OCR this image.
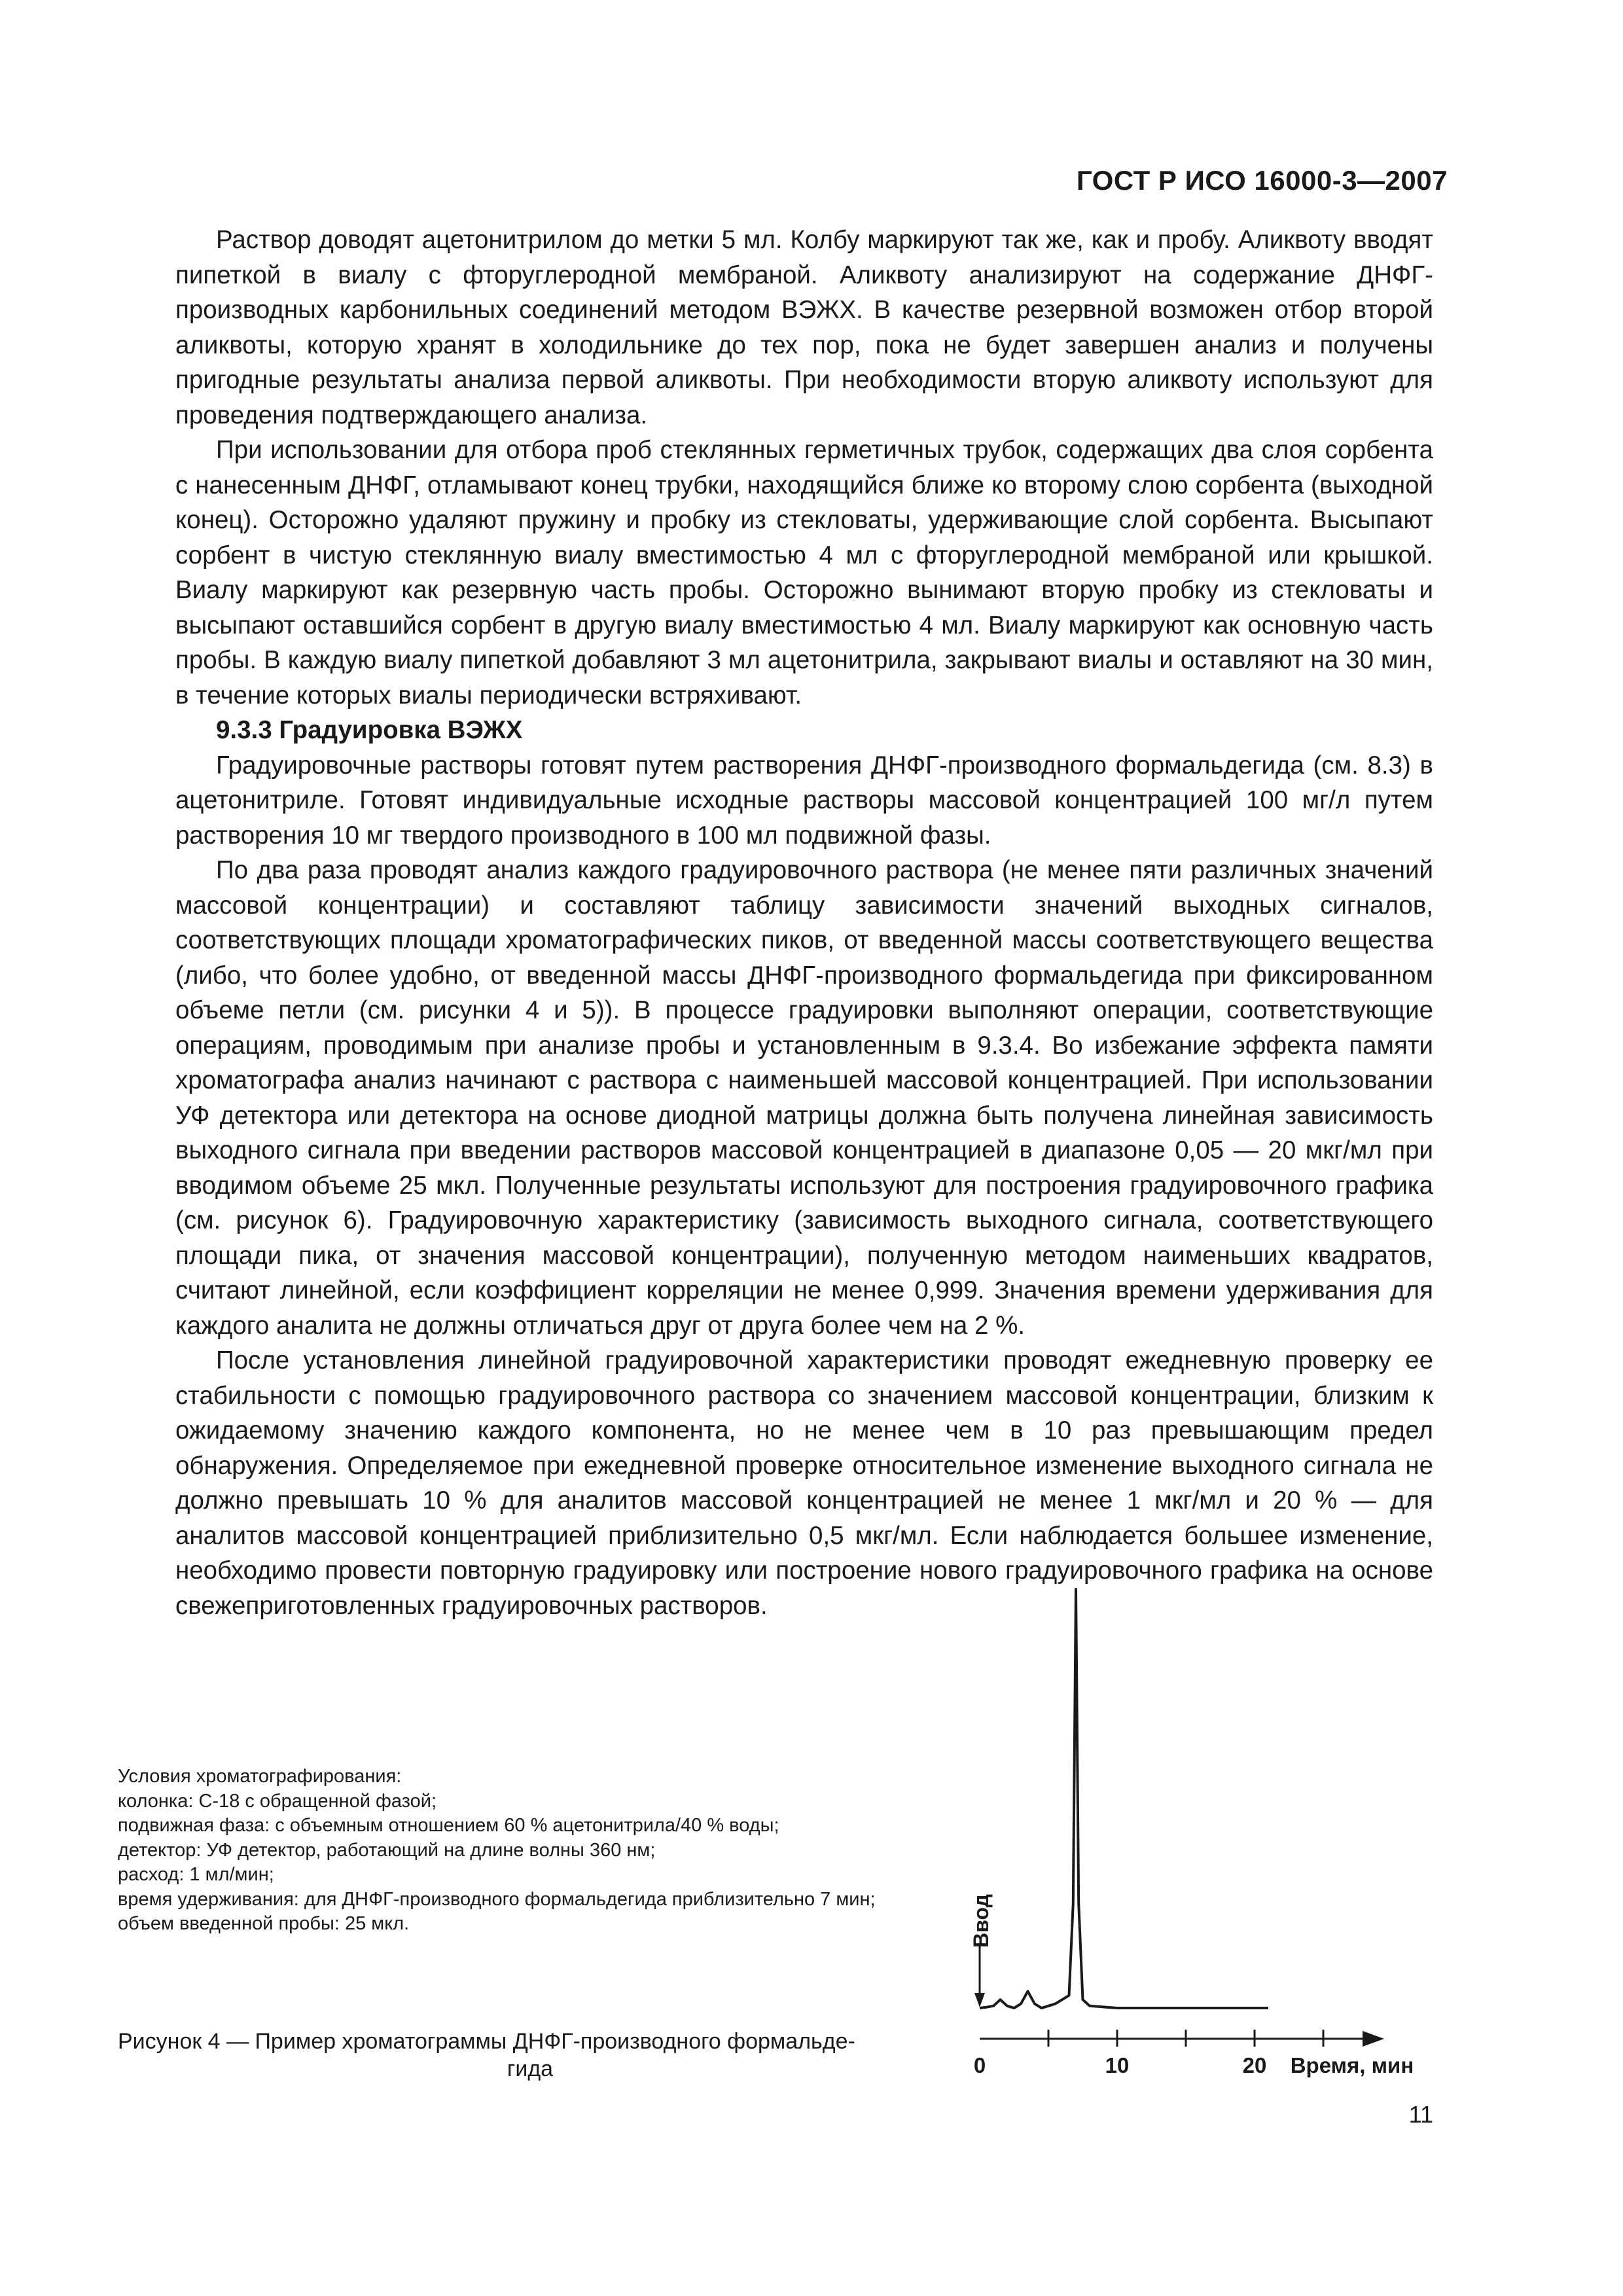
ГОСТ Р ИСО 16000-3—2007

Раствор доводят ацетонитрилом до метки 5 мл. Колбу маркируют так же, как и пробу. Аликвоту вводят пипеткой в виалу с фторуглеродной мембраной. Аликвоту анализируют на содержание ДНФГ-производных карбонильных соединений методом ВЭЖХ. В качестве резервной возможен отбор второй аликвоты, которую хранят в холодильнике до тех пор, пока не будет завершен анализ и получены пригодные результаты анализа первой аликвоты. При необходимости вторую аликвоту используют для проведения подтверждающего анализа.

При использовании для отбора проб стеклянных герметичных трубок, содержащих два слоя сорбента с нанесенным ДНФГ, отламывают конец трубки, находящийся ближе ко второму слою сорбента (выходной конец). Осторожно удаляют пружину и пробку из стекловаты, удерживающие слой сорбента. Высыпают сорбент в чистую стеклянную виалу вместимостью 4 мл с фторуглеродной мембраной или крышкой. Виалу маркируют как резервную часть пробы. Осторожно вынимают вторую пробку из стекловаты и высыпают оставшийся сорбент в другую виалу вместимостью 4 мл. Виалу маркируют как основную часть пробы. В каждую виалу пипеткой добавляют 3 мл ацетонитрила, закрывают виалы и оставляют на 30 мин, в течение которых виалы периодически встряхивают.

9.3.3 Градуировка ВЭЖХ

Градуировочные растворы готовят путем растворения ДНФГ-производного формальдегида (см. 8.3) в ацетонитриле. Готовят индивидуальные исходные растворы массовой концентрацией 100 мг/л путем растворения 10 мг твердого производного в 100 мл подвижной фазы.

По два раза проводят анализ каждого градуировочного раствора (не менее пяти различных значений массовой концентрации) и составляют таблицу зависимости значений выходных сигналов, соответствующих площади хроматографических пиков, от введенной массы соответствующего вещества (либо, что более удобно, от введенной массы ДНФГ-производного формальдегида при фиксированном объеме петли (см. рисунки 4 и 5)). В процессе градуировки выполняют операции, соответствующие операциям, проводимым при анализе пробы и установленным в 9.3.4. Во избежание эффекта памяти хроматографа анализ начинают с раствора с наименьшей массовой концентрацией. При использовании УФ детектора или детектора на основе диодной матрицы должна быть получена линейная зависимость выходного сигнала при введении растворов массовой концентрацией в диапазоне 0,05 — 20 мкг/мл при вводимом объеме 25 мкл. Полученные результаты используют для построения градуировочного графика (см. рисунок 6). Градуировочную характеристику (зависимость выходного сигнала, соответствующего площади пика, от значения массовой концентрации), полученную методом наименьших квадратов, считают линейной, если коэффициент корреляции не менее 0,999. Значения времени удерживания для каждого аналита не должны отличаться друг от друга более чем на 2 %.

После установления линейной градуировочной характеристики проводят ежедневную проверку ее стабильности с помощью градуировочного раствора со значением массовой концентрации, близким к ожидаемому значению каждого компонента, но не менее чем в 10 раз превышающим предел обнаружения. Определяемое при ежедневной проверке относительное изменение выходного сигнала не должно превышать 10 % для аналитов массовой концентрацией не менее 1 мкг/мл и 20 % — для аналитов массовой концентрацией приблизительно 0,5 мкг/мл. Если наблюдается большее изменение, необходимо провести повторную градуировку или построение нового градуировочного графика на основе свежеприготовленных градуировочных растворов.

Условия хроматографирования:
колонка: С-18 с обращенной фазой;
подвижная фаза: с объемным отношением 60 % ацетонитрила/40 % воды;
детектор: УФ детектор, работающий на длине волны 360 нм;
расход: 1 мл/мин;
время удерживания: для ДНФГ-производного формальдегида приблизительно 7 мин;
объем введенной пробы: 25 мкл.
Рисунок 4 — Пример хроматограммы ДНФГ-производного формальде-
гида
Ввод
0	10	20 Время, мин
11
